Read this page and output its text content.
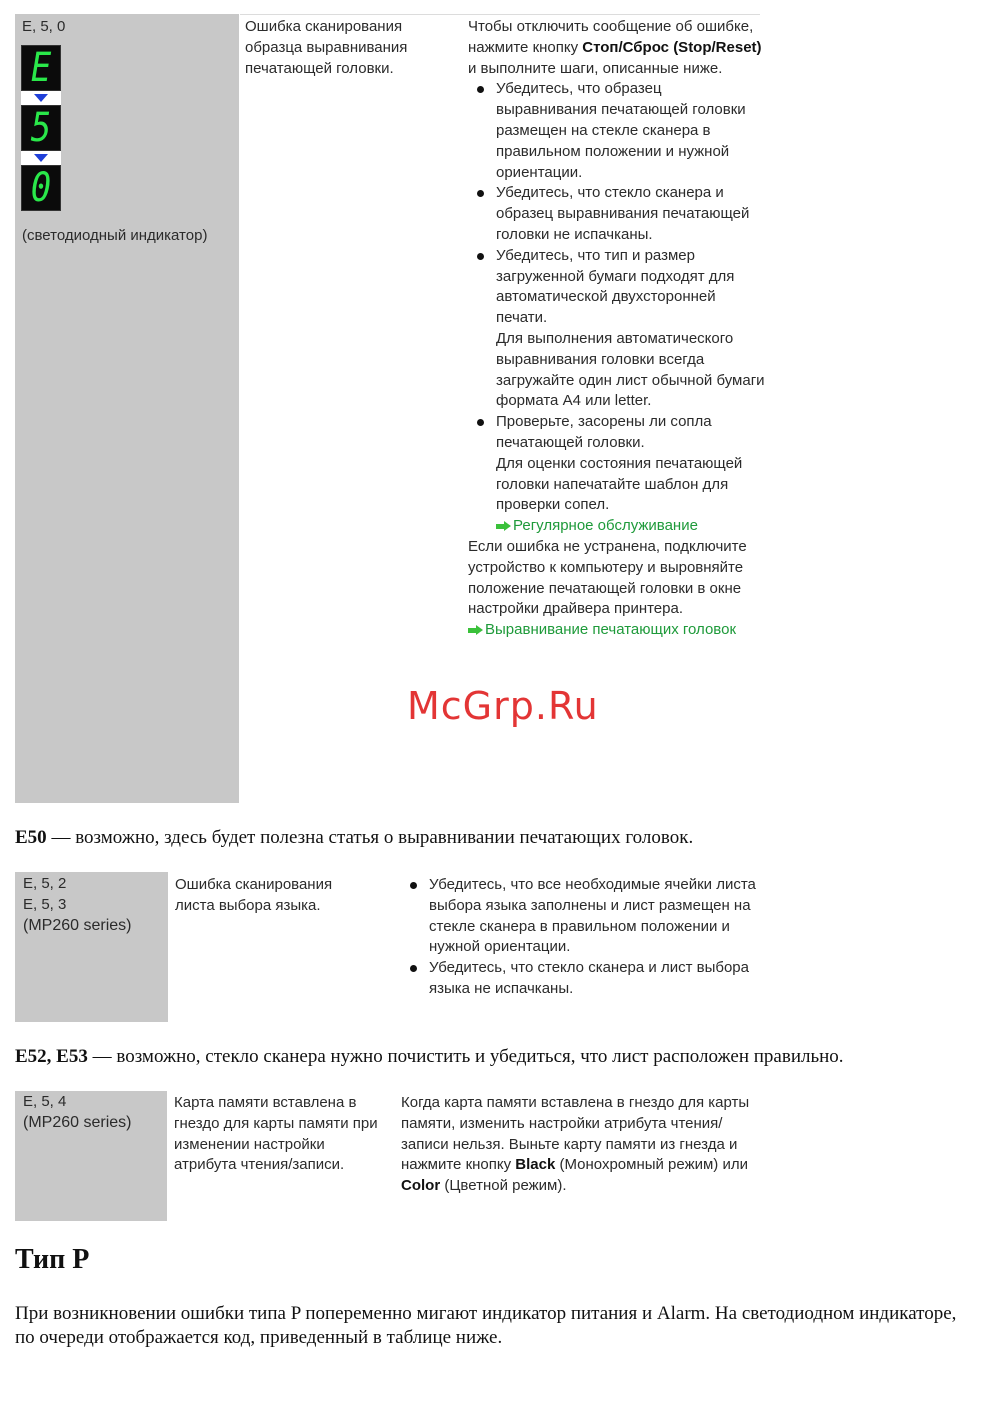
E, 5, 0
E
5
0
(светодиодный индикатор)
Ошибка сканирования образца выравнивания печатающей головки.
Чтобы отключить сообщение об ошибке, нажмите кнопку Стоп/Сброс (Stop/Reset) и выполните шаги, описанные ниже.
Убедитесь, что образец выравнивания печатающей головки размещен на стекле сканера в правильном положении и нужной ориентации.
Убедитесь, что стекло сканера и образец выравнивания печатающей головки не испачканы.
Убедитесь, что тип и размер загруженной бумаги подходят для автоматической двухсторонней печати.
Для выполнения автоматического выравнивания головки всегда загружайте один лист обычной бумаги формата A4 или letter.
Проверьте, засорены ли сопла печатающей головки.
Для оценки состояния печатающей головки напечатайте шаблон для проверки сопел.
Регулярное обслуживание
Если ошибка не устранена, подключите устройство к компьютеру и выровняйте положение печатающей головки в окне настройки драйвера принтера.
Выравнивание печатающих головок
McGrp.Ru
E50 — возможно, здесь будет полезна статья о выравнивании печатающих головок.
E, 5, 2
E, 5, 3
(MP260 series)
Ошибка сканирования листа выбора языка.
Убедитесь, что все необходимые ячейки листа выбора языка заполнены и лист размещен на стекле сканера в правильном положении и нужной ориентации.
Убедитесь, что стекло сканера и лист выбора языка не испачканы.
E52, E53 — возможно, стекло сканера нужно почистить и убедиться, что лист расположен правильно.
E, 5, 4
(MP260 series)
Карта памяти вставлена в гнездо для карты памяти при изменении настройки атрибута чтения/записи.
Когда карта памяти вставлена в гнездо для карты памяти, изменить настройки атрибута чтения/записи нельзя. Выньте карту памяти из гнезда и нажмите кнопку Black (Монохромный режим) или Color (Цветной режим).
Тип P
При возникновении ошибки типа P попеременно мигают индикатор питания и Alarm. На светодиодном индикаторе, по очереди отображается код, приведенный в таблице ниже.
